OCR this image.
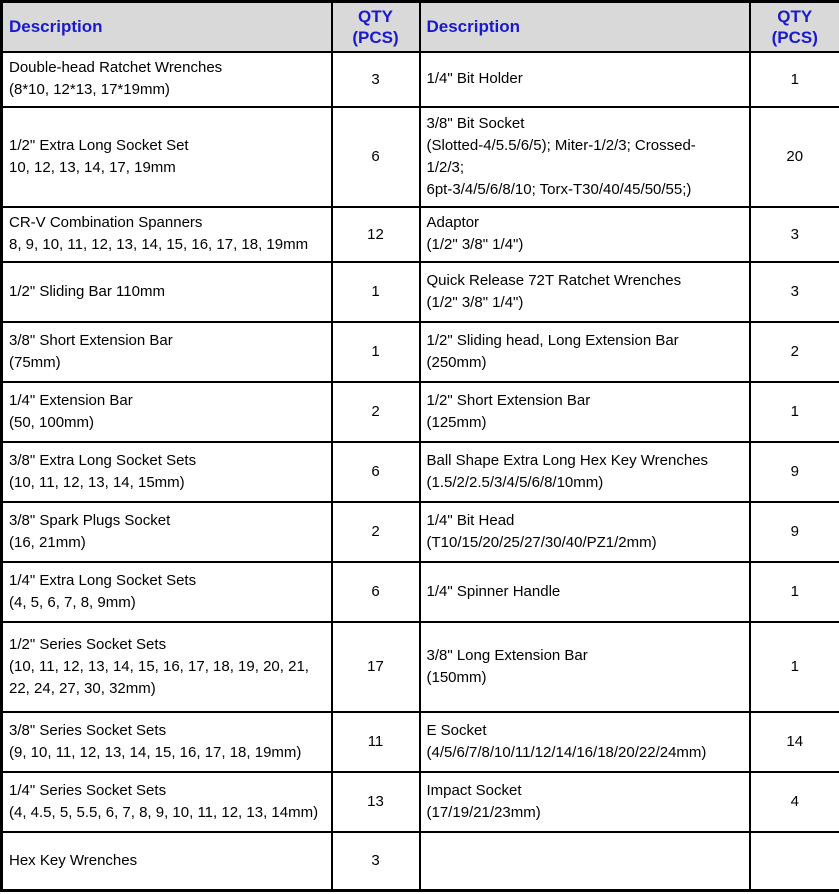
Description	
QTY
(PCS)
	Description	
QTY
(PCS)

Double-head Ratchet Wrenches
(8*10, 12*13, 17*19mm)	3	1/4" Bit Holder	1

1/2" Extra Long Socket Set
10, 12, 13, 14, 17, 19mm
	6	
3/8" Bit Socket
(Slotted-4/5.5/6/5); Miter-1/2/3; Crossed-
1/2/3;
6pt-3/4/5/6/8/10; Torx-T30/40/45/50/55;)
	20

CR-V Combination Spanners
8, 9, 10, 11, 12, 13, 14, 15, 16, 17, 18, 19mm
	12	
Adaptor
(1/2" 3/8" 1/4")
	3

1/2" Sliding Bar 110mm	1	Quick Release 72T Ratchet Wrenches
(1/2" 3/8" 1/4")	3

3/8" Short Extension Bar
(75mm)
	1	
1/2" Sliding head, Long Extension Bar
(250mm)
	2

1/4" Extension Bar
(50, 100mm)
	2	
1/2" Short Extension Bar
(125mm)
	1

3/8" Extra Long Socket Sets
(10, 11, 12, 13, 14, 15mm)
	6	
Ball Shape Extra Long Hex Key Wrenches
(1.5/2/2.5/3/4/5/6/8/10mm)
	9

3/8" Spark Plugs Socket
(16, 21mm)
	2	
1/4" Bit Head
(T10/15/20/25/27/30/40/PZ1/2mm)
	9

1/4" Extra Long Socket Sets
(4, 5, 6, 7, 8, 9mm)	6	1/4" Spinner Handle	1

1/2" Series Socket Sets
(10, 11, 12, 13, 14, 15, 16, 17, 18, 19, 20, 21,
22, 24, 27, 30, 32mm)
	17	
3/8" Long Extension Bar
(150mm)
	1

3/8" Series Socket Sets
(9, 10, 11, 12, 13, 14, 15, 16, 17, 18, 19mm)
	11	
E Socket
(4/5/6/7/8/10/11/12/14/16/18/20/22/24mm)
	14

1/4" Series Socket Sets
(4, 4.5, 5, 5.5, 6, 7, 8, 9, 10, 11, 12, 13, 14mm)
	13	
Impact Socket
(17/19/21/23mm)
	4

Hex Key Wrenches	3		
